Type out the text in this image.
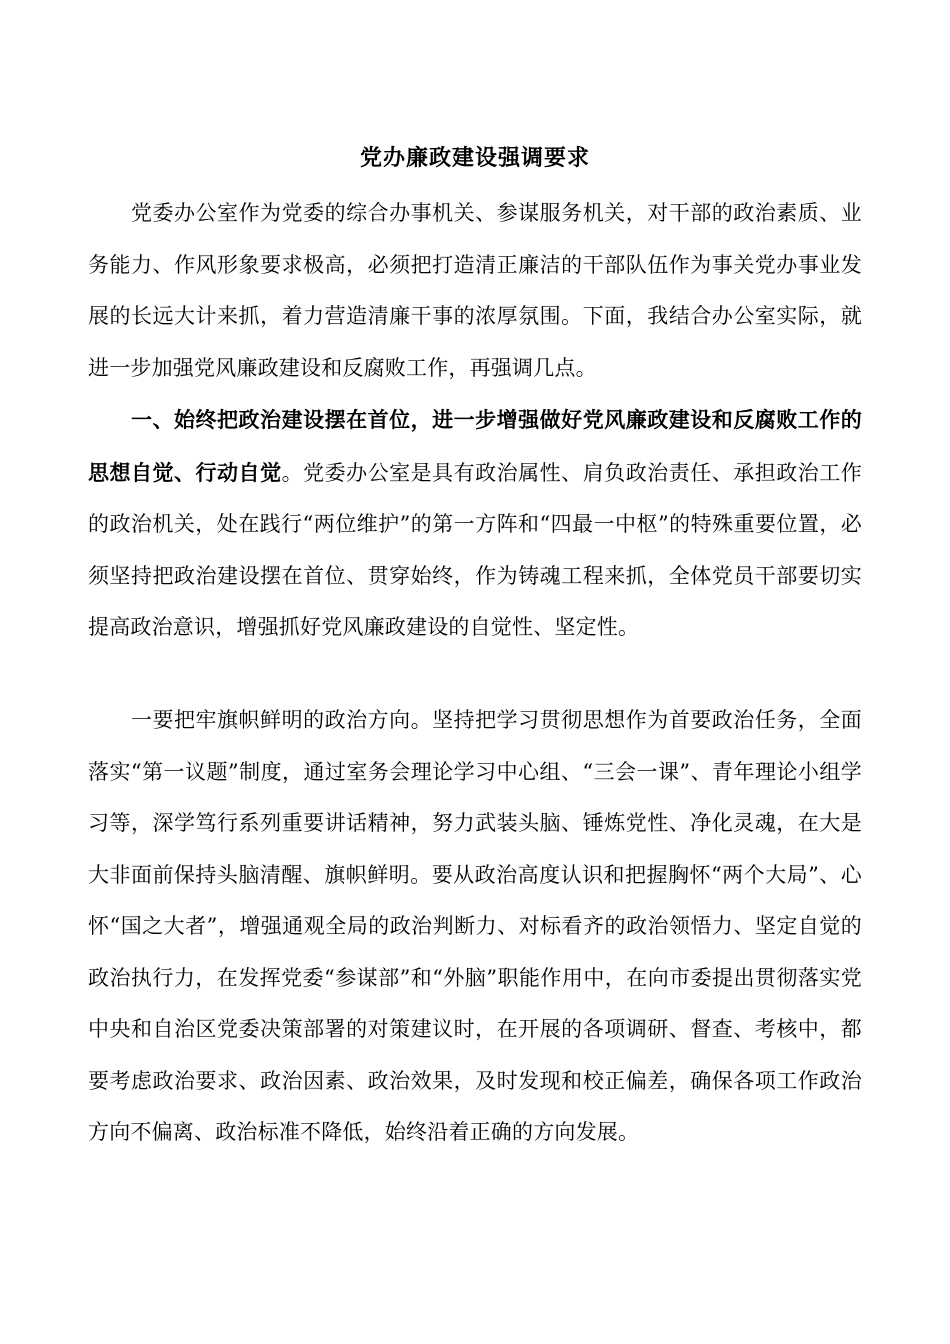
党办廉政建设强调要求

党委办公室作为党委的综合办事机关、参谋服务机关，对干部的政治素质、业务能力、作风形象要求极高，必须把打造清正廉洁的干部队伍作为事关党办事业发展的长远大计来抓，着力营造清廉干事的浓厚氛围。下面，我结合办公室实际，就进一步加强党风廉政建设和反腐败工作，再强调几点。

一、始终把政治建设摆在首位，进一步增强做好党风廉政建设和反腐败工作的思想自觉、行动自觉。党委办公室是具有政治属性、肩负政治责任、承担政治工作的政治机关，处在践行“两位维护”的第一方阵和“四最一中枢”的特殊重要位置，必须坚持把政治建设摆在首位、贯穿始终，作为铸魂工程来抓，全体党员干部要切实提高政治意识，增强抓好党风廉政建设的自觉性、坚定性。

一要把牢旗帜鲜明的政治方向。坚持把学习贯彻思想作为首要政治任务，全面落实“第一议题”制度，通过室务会理论学习中心组、“三会一课”、青年理论小组学习等，深学笃行系列重要讲话精神，努力武装头脑、锤炼党性、净化灵魂，在大是大非面前保持头脑清醒、旗帜鲜明。要从政治高度认识和把握胸怀“两个大局”、心怀“国之大者”，增强通观全局的政治判断力、对标看齐的政治领悟力、坚定自觉的政治执行力，在发挥党委“参谋部”和“外脑”职能作用中，在向市委提出贯彻落实党中央和自治区党委决策部署的对策建议时，在开展的各项调研、督查、考核中，都要考虑政治要求、政治因素、政治效果，及时发现和校正偏差，确保各项工作政治方向不偏离、政治标准不降低，始终沿着正确的方向发展。
